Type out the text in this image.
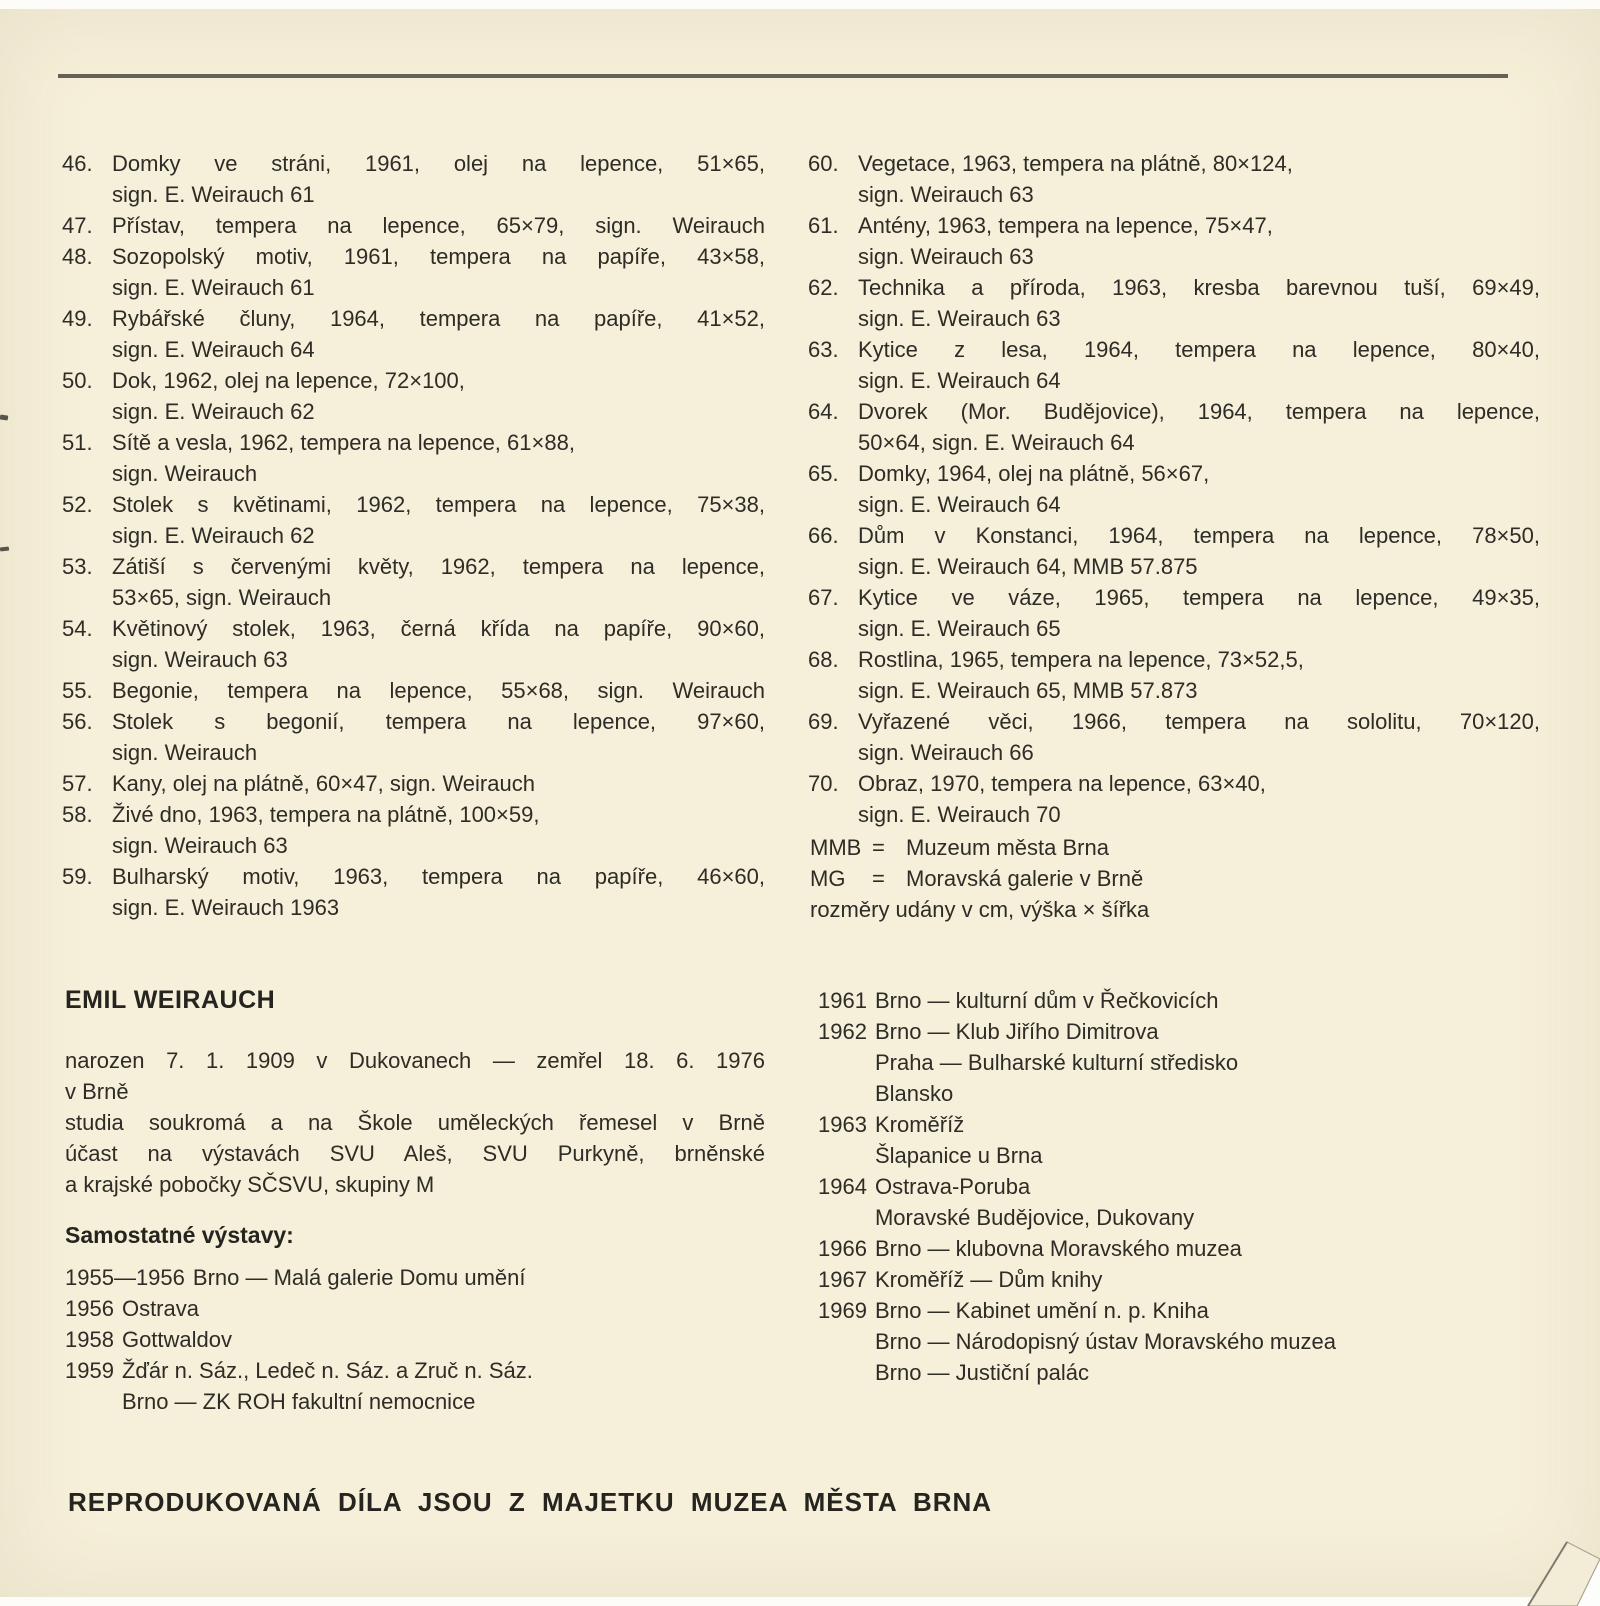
46. Domky ve stráni, 1961, olej na lepence, 51×65,
sign. E. Weirauch 61
47. Přístav, tempera na lepence, 65×79, sign. Weirauch
48. Sozopolský motiv, 1961, tempera na papíře, 43×58,
sign. E. Weirauch 61
49. Rybářské čluny, 1964, tempera na papíře, 41×52,
sign. E. Weirauch 64
50. Dok, 1962, olej na lepence, 72×100,
sign. E. Weirauch 62
51. Sítě a vesla, 1962, tempera na lepence, 61×88,
sign. Weirauch
52. Stolek s květinami, 1962, tempera na lepence, 75×38,
sign. E. Weirauch 62
53. Zátiší s červenými květy, 1962, tempera na lepence,
53×65, sign. Weirauch
54. Květinový stolek, 1963, černá křída na papíře, 90×60,
sign. Weirauch 63
55. Begonie, tempera na lepence, 55×68, sign. Weirauch
56. Stolek s begonií, tempera na lepence, 97×60,
sign. Weirauch
57. Kany, olej na plátně, 60×47, sign. Weirauch
58. Živé dno, 1963, tempera na plátně, 100×59,
sign. Weirauch 63
59. Bulharský motiv, 1963, tempera na papíře, 46×60,
sign. E. Weirauch 1963
60. Vegetace, 1963, tempera na plátně, 80×124,
sign. Weirauch 63
61. Antény, 1963, tempera na lepence, 75×47,
sign. Weirauch 63
62. Technika a příroda, 1963, kresba barevnou tuší, 69×49,
sign. E. Weirauch 63
63. Kytice z lesa, 1964, tempera na lepence, 80×40,
sign. E. Weirauch 64
64. Dvorek (Mor. Budějovice), 1964, tempera na lepence,
50×64, sign. E. Weirauch 64
65. Domky, 1964, olej na plátně, 56×67,
sign. E. Weirauch 64
66. Dům v Konstanci, 1964, tempera na lepence, 78×50,
sign. E. Weirauch 64, MMB 57.875
67. Kytice ve váze, 1965, tempera na lepence, 49×35,
sign. E. Weirauch 65
68. Rostlina, 1965, tempera na lepence, 73×52,5,
sign. E. Weirauch 65, MMB 57.873
69. Vyřazené věci, 1966, tempera na sololitu, 70×120,
sign. Weirauch 66
70. Obraz, 1970, tempera na lepence, 63×40,
sign. E. Weirauch 70
MMB = Muzeum města Brna
MG	= Moravská galerie v Brně
rozměry udány v cm, výška × šířka
EMIL WEIRAUCH
narozen 7. 1. 1909 v Dukovanech — zemřel 18. 6. 1976
v Brně
studia soukromá a na Škole uměleckých řemesel v Brně
účast na výstavách SVU Aleš, SVU Purkyně, brněnské
a krajské pobočky SČSVU, skupiny M
Samostatné výstavy:
1955—1956 Brno — Malá galerie Domu umění
1956 Ostrava
1958 Gottwaldov
1959 Žďár n. Sáz., Ledeč n. Sáz. a Zruč n. Sáz.
Brno — ZK ROH fakultní nemocnice
1961 Brno — kulturní dům v Řečkovicích
1962 Brno — Klub Jiřího Dimitrova
Praha — Bulharské kulturní středisko
Blansko
1963 Kroměříž
Šlapanice u Brna
1964 Ostrava-Poruba
Moravské Budějovice, Dukovany
1966 Brno — klubovna Moravského muzea
1967 Kroměříž — Dům knihy
1969 Brno — Kabinet umění n. p. Kniha
Brno — Národopisný ústav Moravského muzea
Brno — Justiční palác
REPRODUKOVANÁ DÍLA JSOU Z MAJETKU MUZEA MĚSTA BRNA
